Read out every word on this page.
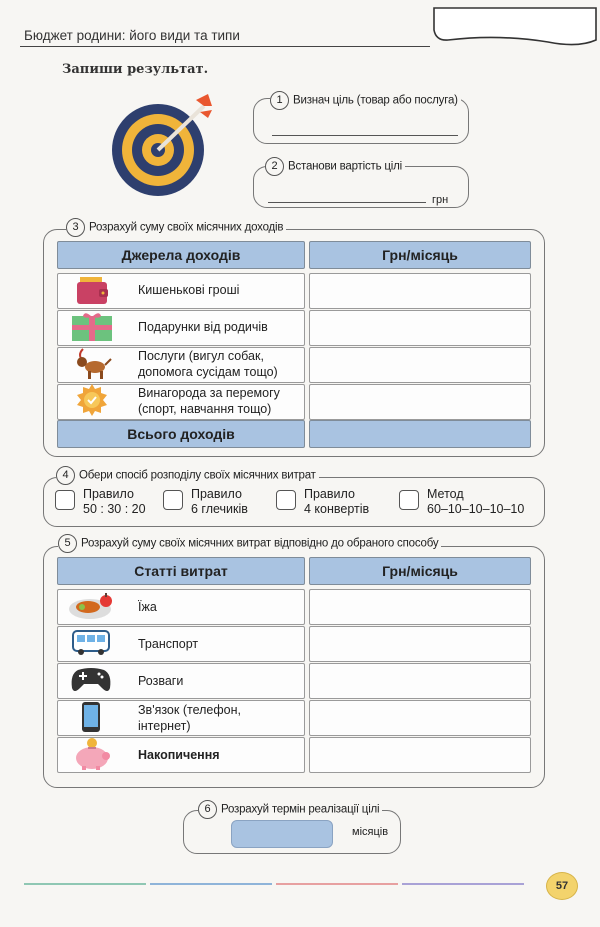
Бюджет родини: його види та типи
Запиши результат.
1 Визнач ціль (товар або послуга)
2 Встанови вартість цілі
грн
3 Розрахуй суму своїх місячних доходів
Джерела доходів	Грн/місяць
Кишенькові гроші
Подарунки від родичів
Послуги (вигул собак, допомога сусідам тощо)
Винагорода за перемогу (спорт, навчання тощо)
Всього доходів
4 Обери спосіб розподілу своїх місячних витрат
Правило
50 : 30 : 20
Правило
6 глечиків
Правило
4 конвертів
Метод
60–10–10–10–10
5 Розрахуй суму своїх місячних витрат відповідно до обраного способу
Статті витрат	Грн/місяць
Їжа
Транспорт
Розваги
Зв'язок (телефон, інтернет)
Накопичення
6 Розрахуй термін реалізації цілі
місяців
57
